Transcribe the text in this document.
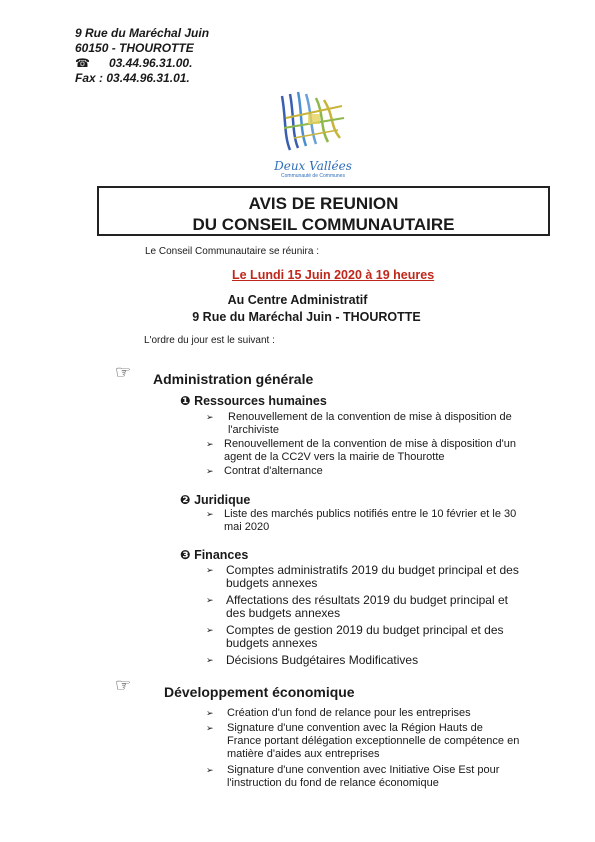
9 Rue du Maréchal Juin
60150 - THOUROTTE
☎ 03.44.96.31.00.
Fax : 03.44.96.31.01.
Deux Vallées
Communauté de Communes
AVIS DE REUNION
DU CONSEIL COMMUNAUTAIRE
Le Conseil Communautaire se réunira :
Le Lundi 15 Juin 2020 à 19 heures
Au Centre Administratif
9 Rue du Maréchal Juin - THOUROTTE
L'ordre du jour est le suivant :
☞ Administration générale
❶ Ressources humaines
➢	Renouvellement de la convention de mise à disposition de
l'archiviste
➢ Renouvellement de la convention de mise à disposition d'un
agent de la CC2V vers la mairie de Thourotte
➢ Contrat d'alternance
❷ Juridique
➢ Liste des marchés publics notifiés entre le 10 février et le 30
mai 2020
❸ Finances
➢	Comptes administratifs 2019 du budget principal et des
budgets annexes
➢	Affectations des résultats 2019 du budget principal et
des budgets annexes
➢	Comptes de gestion 2019 du budget principal et des
budgets annexes
➢	Décisions Budgétaires Modificatives
☞ Développement économique
➢	Création d'un fond de relance pour les entreprises
➢	Signature d'une convention avec la Région Hauts de
France portant délégation exceptionnelle de compétence en
matière d'aides aux entreprises
➢	Signature d'une convention avec Initiative Oise Est pour
l'instruction du fond de relance économique
